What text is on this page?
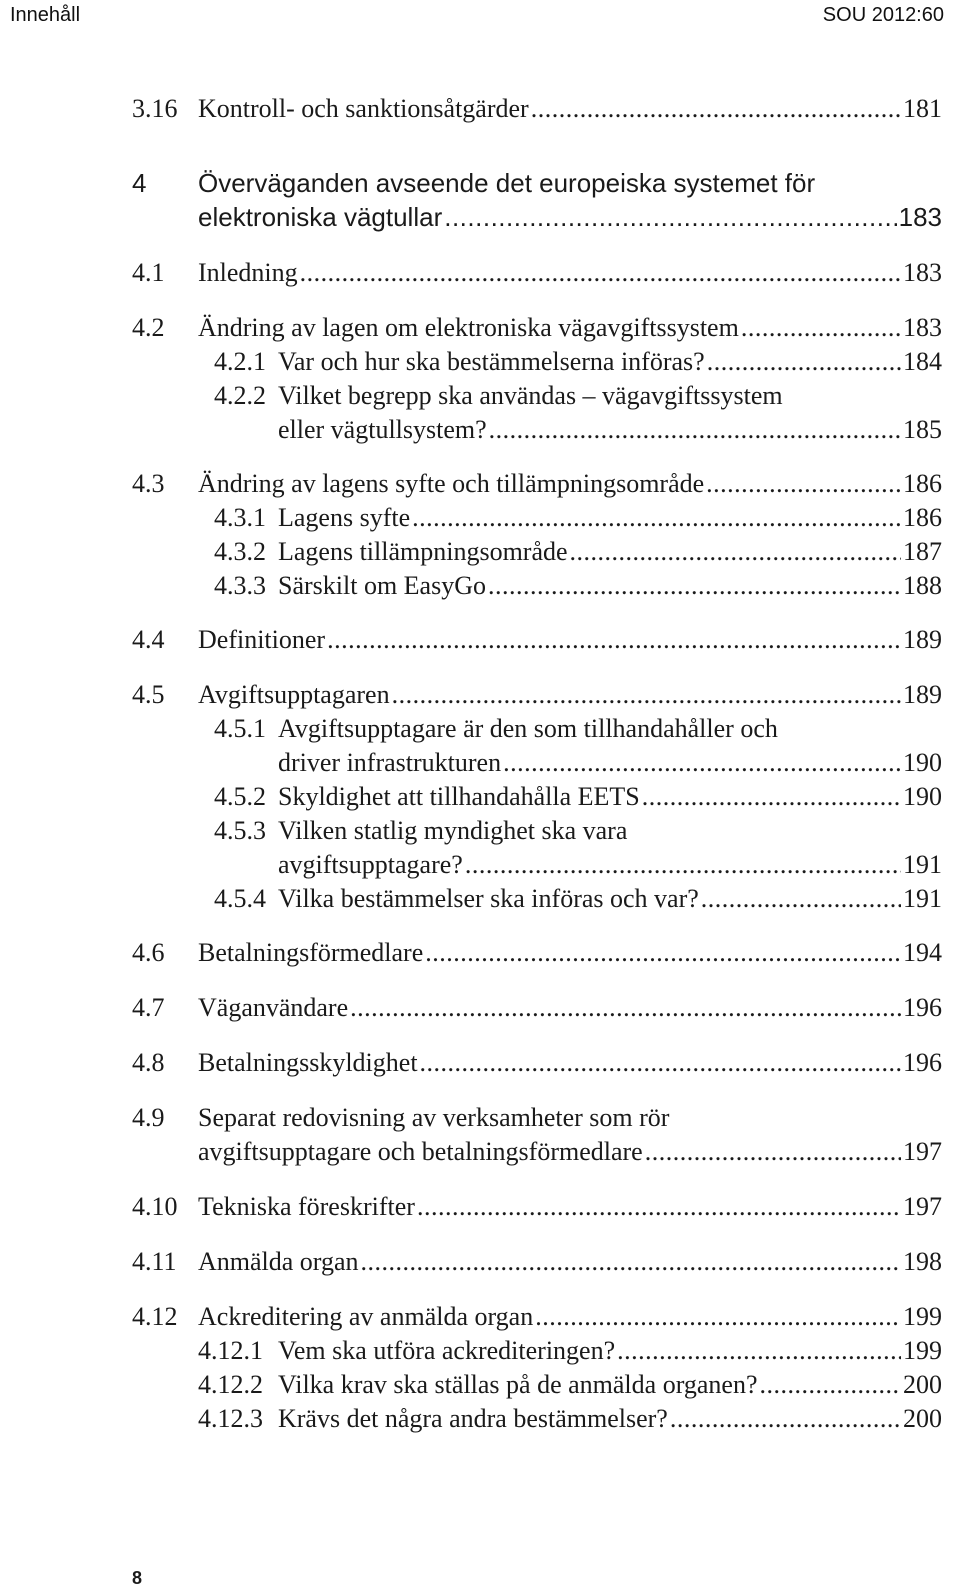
Innehåll	SOU 2012:60
3.16 Kontroll- och sanktionsåtgärder .....	181
4 Överväganden avseende det europeiska systemet för
elektroniska vägtullar .....	183
4.1 Inledning .....	183
4.2 Ändring av lagen om elektroniska vägavgiftssystem .....	183
4.2.1 Var och hur ska bestämmelserna införas? .....	184
4.2.2 Vilket begrepp ska användas – vägavgiftssystem
eller vägtullsystem? .....	185
4.3 Ändring av lagens syfte och tillämpningsområde .....	186
4.3.1 Lagens syfte .....	186
4.3.2 Lagens tillämpningsområde .....	187
4.3.3 Särskilt om EasyGo .....	188
4.4 Definitioner .....	189
4.5 Avgiftsupptagaren .....	189
4.5.1 Avgiftsupptagare är den som tillhandahåller och
driver infrastrukturen .....	190
4.5.2 Skyldighet att tillhandahålla EETS .....	190
4.5.3 Vilken statlig myndighet ska vara
avgiftsupptagare? .....	191
4.5.4 Vilka bestämmelser ska införas och var? .....	191
4.6 Betalningsförmedlare .....	194
4.7 Väganvändare .....	196
4.8 Betalningsskyldighet .....	196
4.9 Separat redovisning av verksamheter som rör
avgiftsupptagare och betalningsförmedlare .....	197
4.10 Tekniska föreskrifter .....	197
4.11 Anmälda organ .....	198
4.12 Ackreditering av anmälda organ .....	199
4.12.1 Vem ska utföra ackrediteringen? .....	199
4.12.2 Vilka krav ska ställas på de anmälda organen? .....	200
4.12.3 Krävs det några andra bestämmelser? .....	200
8
